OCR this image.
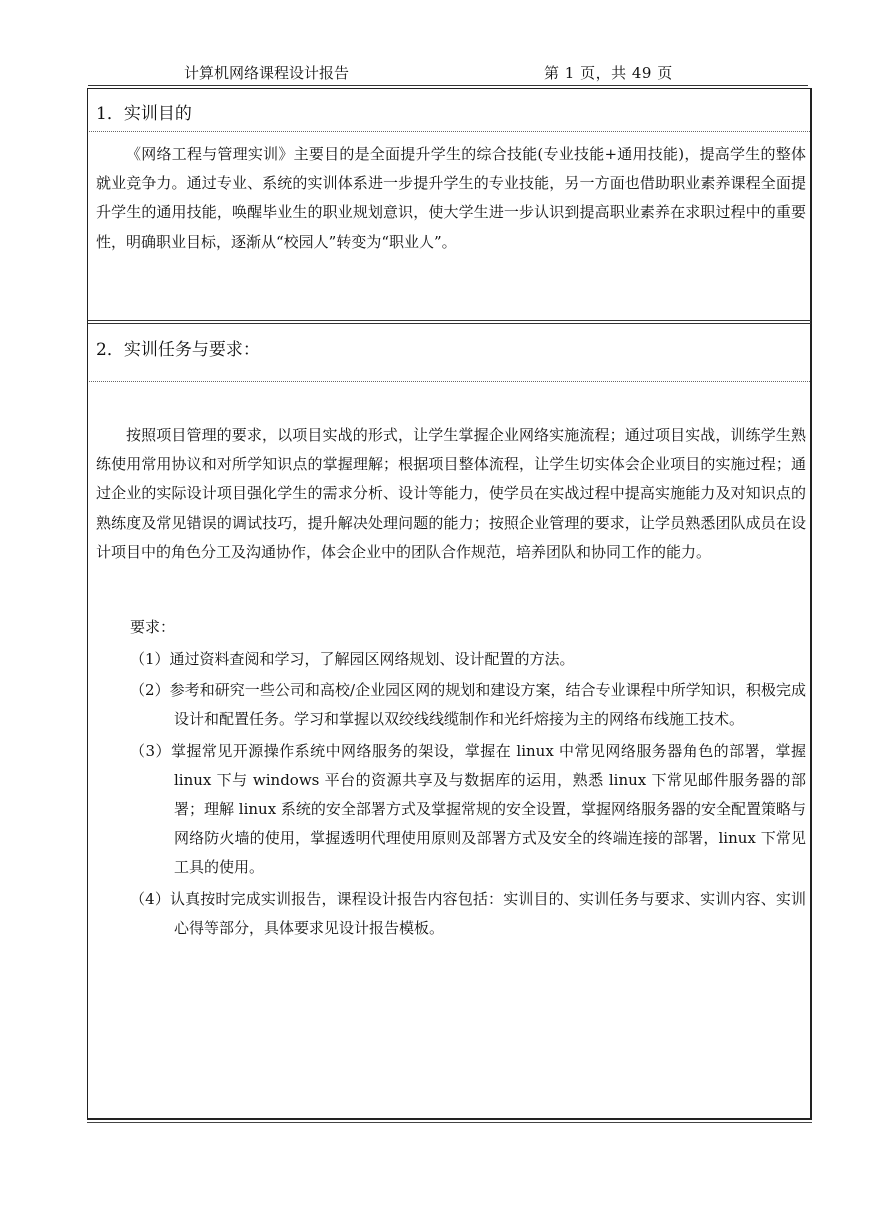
计算机网络课程设计报告	第 1 页，共 49 页
1．实训目的
《网络工程与管理实训》主要目的是全面提升学生的综合技能(专业技能+通用技能)，提高学生的整体就业竞争力。通过专业、系统的实训体系进一步提升学生的专业技能，另一方面也借助职业素养课程全面提升学生的通用技能，唤醒毕业生的职业规划意识，使大学生进一步认识到提高职业素养在求职过程中的重要性，明确职业目标，逐渐从“校园人”转变为“职业人”。
2．实训任务与要求：
按照项目管理的要求，以项目实战的形式，让学生掌握企业网络实施流程；通过项目实战，训练学生熟练使用常用协议和对所学知识点的掌握理解；根据项目整体流程，让学生切实体会企业项目的实施过程；通过企业的实际设计项目强化学生的需求分析、设计等能力，使学员在实战过程中提高实施能力及对知识点的熟练度及常见错误的调试技巧，提升解决处理问题的能力；按照企业管理的要求，让学员熟悉团队成员在设计项目中的角色分工及沟通协作，体会企业中的团队合作规范，培养团队和协同工作的能力。
要求：
（1）通过资料查阅和学习，了解园区网络规划、设计配置的方法。
（2）参考和研究一些公司和高校/企业园区网的规划和建设方案，结合专业课程中所学知识，积极完成设计和配置任务。学习和掌握以双绞线线缆制作和光纤熔接为主的网络布线施工技术。
（3）掌握常见开源操作系统中网络服务的架设，掌握在 linux 中常见网络服务器角色的部署，掌握 linux 下与 windows 平台的资源共享及与数据库的运用，熟悉 linux 下常见邮件服务器的部署；理解 linux 系统的安全部署方式及掌握常规的安全设置，掌握网络服务器的安全配置策略与网络防火墙的使用，掌握透明代理使用原则及部署方式及安全的终端连接的部署，linux 下常见工具的使用。
（4）认真按时完成实训报告，课程设计报告内容包括：实训目的、实训任务与要求、实训内容、实训心得等部分，具体要求见设计报告模板。
